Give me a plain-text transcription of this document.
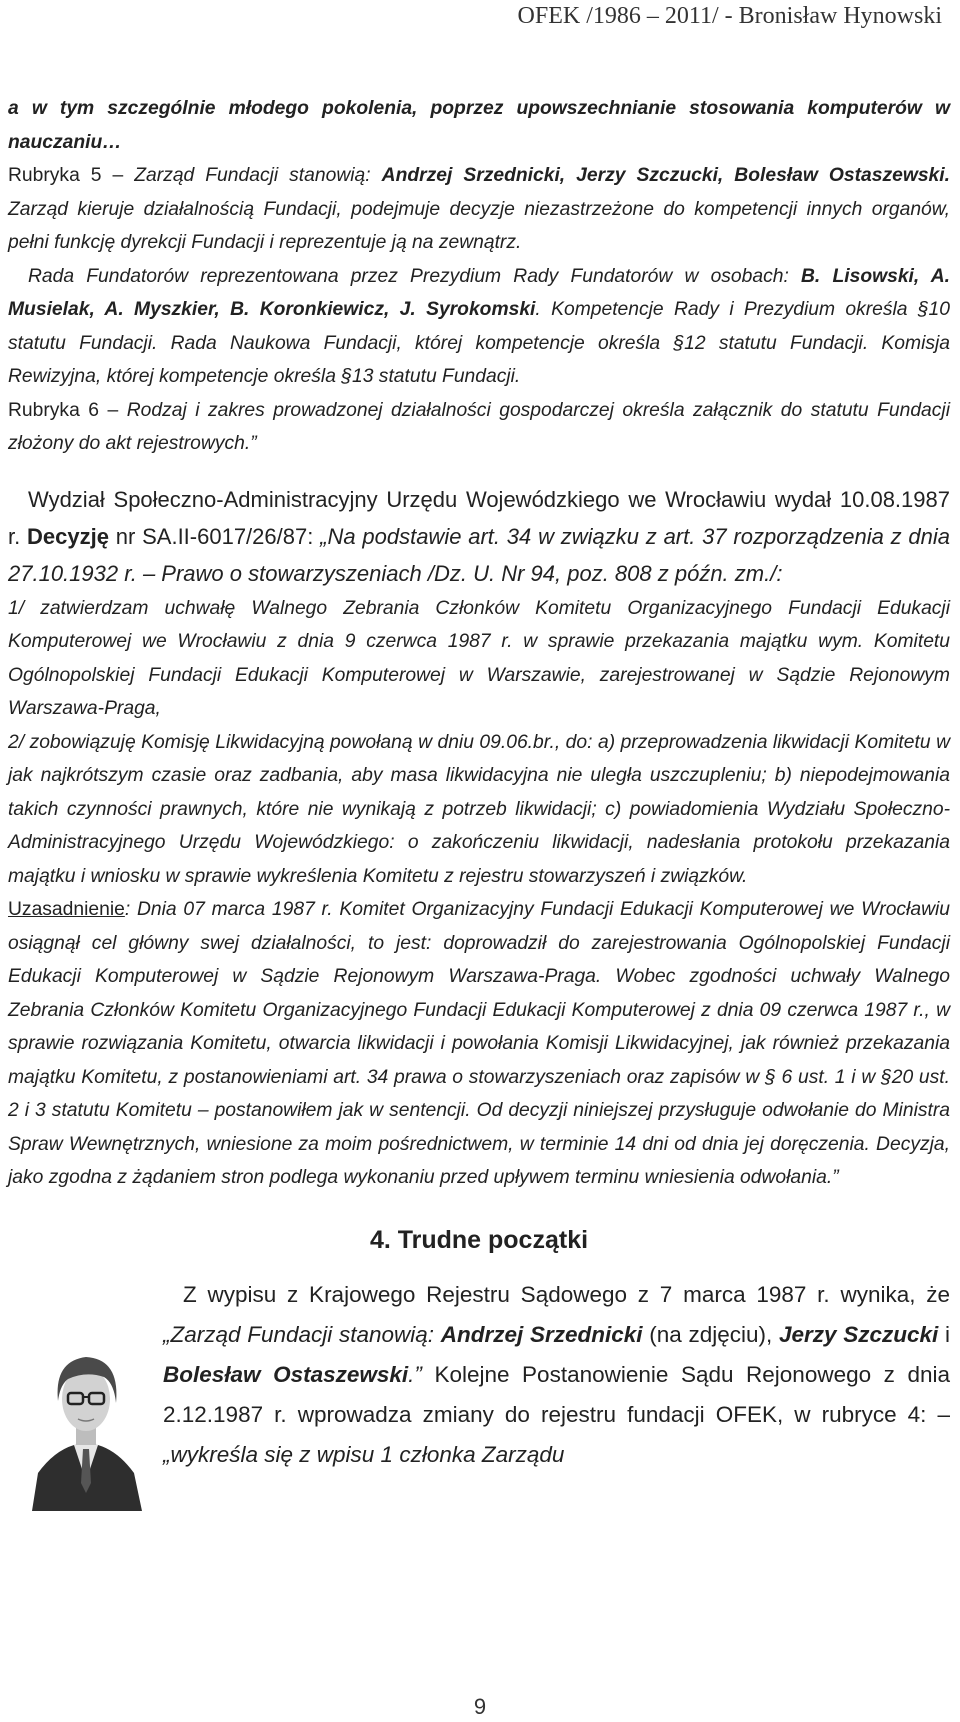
OFEK /1986 – 2011/ - Bronisław Hynowski

a w tym szczególnie młodego pokolenia, poprzez upowszechnianie stosowania komputerów w nauczaniu…

Rubryka 5 – Zarząd Fundacji stanowią: Andrzej Srzednicki, Jerzy Szczucki, Bolesław Ostaszewski. Zarząd kieruje działalnością Fundacji, podejmuje decyzje niezastrzeżone do kompetencji innych organów, pełni funkcję dyrekcji Fundacji i reprezentuje ją na zewnątrz.

Rada Fundatorów reprezentowana przez Prezydium Rady Fundatorów w osobach: B. Lisowski, A. Musielak, A. Myszkier, B. Koronkiewicz, J. Syrokomski. Kompetencje Rady i Prezydium określa §10 statutu Fundacji. Rada Naukowa Fundacji, której kompetencje określa §12 statutu Fundacji. Komisja Rewizyjna, której kompetencje określa §13 statutu Fundacji.

Rubryka 6 – Rodzaj i zakres prowadzonej działalności gospodarczej określa załącznik do statutu Fundacji złożony do akt rejestrowych.”

Wydział Społeczno-Administracyjny Urzędu Wojewódzkiego we Wrocławiu wydał 10.08.1987 r. Decyzję nr SA.II-6017/26/87: „Na podstawie art. 34 w związku z art. 37 rozporządzenia z dnia 27.10.1932 r. – Prawo o stowarzyszeniach /Dz. U. Nr 94, poz. 808 z późn. zm./:

1/ zatwierdzam uchwałę Walnego Zebrania Członków Komitetu Organizacyjnego Fundacji Edukacji Komputerowej we Wrocławiu z dnia 9 czerwca 1987 r. w sprawie przekazania majątku wym. Komitetu Ogólnopolskiej Fundacji Edukacji Komputerowej w Warszawie, zarejestrowanej w Sądzie Rejonowym Warszawa-Praga,

2/ zobowiązuję Komisję Likwidacyjną powołaną w dniu 09.06.br., do: a) przeprowadzenia likwidacji Komitetu w jak najkrótszym czasie oraz zadbania, aby masa likwidacyjna nie uległa uszczupleniu; b) niepodejmowania takich czynności prawnych, które nie wynikają z potrzeb likwidacji; c) powiadomienia Wydziału Społeczno-Administracyjnego Urzędu Wojewódzkiego: o zakończeniu likwidacji, nadesłania protokołu przekazania majątku i wniosku w sprawie wykreślenia Komitetu z rejestru stowarzyszeń i związków.

Uzasadnienie: Dnia 07 marca 1987 r. Komitet Organizacyjny Fundacji Edukacji Komputerowej we Wrocławiu osiągnął cel główny swej działalności, to jest: doprowadził do zarejestrowania Ogólnopolskiej Fundacji Edukacji Komputerowej w Sądzie Rejonowym Warszawa-Praga. Wobec zgodności uchwały Walnego Zebrania Członków Komitetu Organizacyjnego Fundacji Edukacji Komputerowej z dnia 09 czerwca 1987 r., w sprawie rozwiązania Komitetu, otwarcia likwidacji i powołania Komisji Likwidacyjnej, jak również przekazania majątku Komitetu, z postanowieniami art. 34 prawa o stowarzyszeniach oraz zapisów w § 6 ust. 1 i w §20 ust. 2 i 3 statutu Komitetu – postanowiłem jak w sentencji. Od decyzji niniejszej przysługuje odwołanie do Ministra Spraw Wewnętrznych, wniesione za moim pośrednictwem, w terminie 14 dni od dnia jej doręczenia. Decyzja, jako zgodna z żądaniem stron podlega wykonaniu przed upływem terminu wniesienia odwołania.”

4. Trudne początki

Z wypisu z Krajowego Rejestru Sądowego z 7 marca 1987 r. wynika, że „Zarząd Fundacji stanowią: Andrzej Srzednicki (na zdjęciu), Jerzy Szczucki i Bolesław Ostaszewski.” Kolejne Postanowienie Sądu Rejonowego z dnia 2.12.1987 r. wprowadza zmiany do rejestru fundacji OFEK, w rubryce 4: – „wykreśla się z wpisu 1 członka Zarządu

9
